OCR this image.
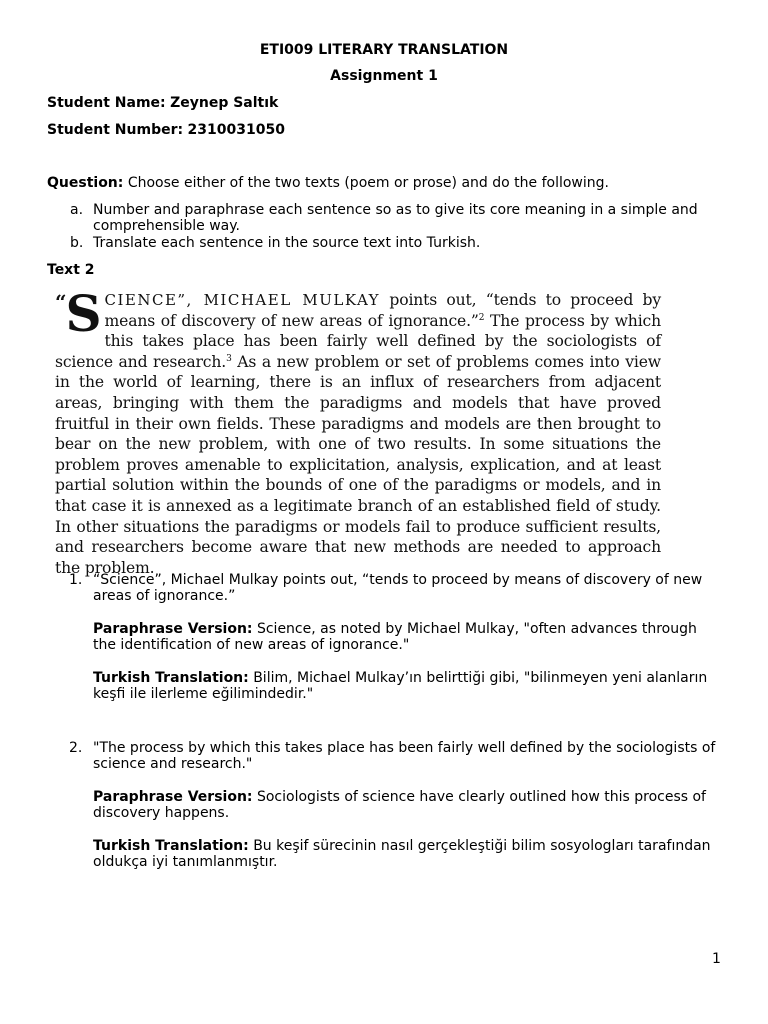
ETI009 LITERARY TRANSLATION
Assignment 1
Student Name: Zeynep Saltık
Student Number: 2310031050
Question: Choose either of the two texts (poem or prose) and do the following.
a. Number and paraphrase each sentence so as to give its core meaning in a simple and comprehensible way.
b. Translate each sentence in the source text into Turkish.
Text 2

“ S CIENCE”, MICHAEL MULKAY points out, “tends to proceed by means of discovery of new areas of ignorance.”$^2$ The process by which this takes place has been fairly well defined by the sociologists of science and research.$^3$ As a new problem or set of problems comes into view in the world of learning, there is an influx of researchers from adjacent areas, bringing with them the paradigms and models that have proved fruitful in their own fields. These paradigms and models are then brought to bear on the new problem, with one of two results. In some situations the problem proves amenable to explicitation, analysis, explication, and at least partial solution within the bounds of one of the paradigms or models, and in that case it is annexed as a legitimate branch of an established field of study. In other situations the paradigms or models fail to produce sufficient results, and researchers become aware that new methods are needed to approach the problem.

1. “Science”, Michael Mulkay points out, “tends to proceed by means of discovery of new areas of ignorance.”

Paraphrase Version: Science, as noted by Michael Mulkay, "often advances through the identification of new areas of ignorance."

Turkish Translation: Bilim, Michael Mulkay’ın belirttiği gibi, "bilinmeyen yeni alanların keşfi ile ilerleme eğilimindedir."

2. "The process by which this takes place has been fairly well defined by the sociologists of science and research."

Paraphrase Version: Sociologists of science have clearly outlined how this process of discovery happens.

Turkish Translation: Bu keşif sürecinin nasıl gerçekleştiği bilim sosyologları tarafından oldukça iyi tanımlanmıştır.

1
